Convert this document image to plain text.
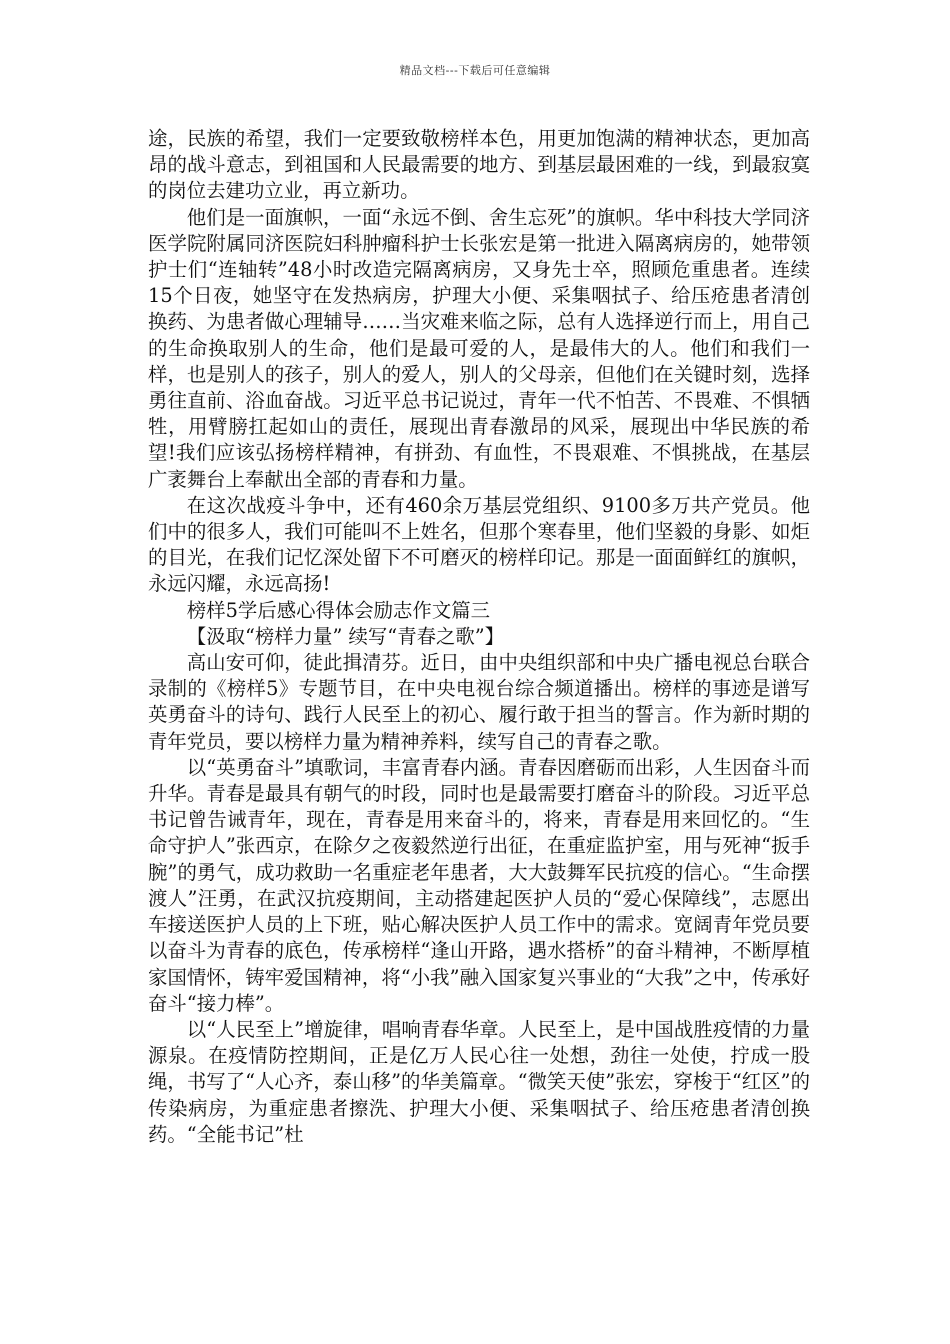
精品文档---下载后可任意编辑

途，民族的希望，我们一定要致敬榜样本色，用更加饱满的精神状态，更加高昂的战斗意志，到祖国和人民最需要的地方、到基层最困难的一线，到最寂寞的岗位去建功立业，再立新功。

他们是一面旗帜，一面“永远不倒、舍生忘死”的旗帜。华中科技大学同济医学院附属同济医院妇科肿瘤科护士长张宏是第一批进入隔离病房的，她带领护士们“连轴转”48小时改造完隔离病房，又身先士卒，照顾危重患者。连续15个日夜，她坚守在发热病房，护理大小便、采集咽拭子、给压疮患者清创换药、为患者做心理辅导……当灾难来临之际，总有人选择逆行而上，用自己的生命换取别人的生命，他们是最可爱的人，是最伟大的人。他们和我们一样，也是别人的孩子，别人的爱人，别人的父母亲，但他们在关键时刻，选择勇往直前、浴血奋战。习近平总书记说过，青年一代不怕苦、不畏难、不惧牺牲，用臂膀扛起如山的责任，展现出青春激昂的风采，展现出中华民族的希望!我们应该弘扬榜样精神，有拼劲、有血性，不畏艰难、不惧挑战，在基层广袤舞台上奉献出全部的青春和力量。

在这次战疫斗争中，还有460余万基层党组织、9100多万共产党员。他们中的很多人，我们可能叫不上姓名，但那个寒春里，他们坚毅的身影、如炬的目光，在我们记忆深处留下不可磨灭的榜样印记。那是一面面鲜红的旗帜，永远闪耀，永远高扬!

榜样5学后感心得体会励志作文篇三

【汲取“榜样力量” 续写“青春之歌”】

高山安可仰，徒此揖清芬。近日，由中央组织部和中央广播电视总台联合录制的《榜样5》专题节目，在中央电视台综合频道播出。榜样的事迹是谱写英勇奋斗的诗句、践行人民至上的初心、履行敢于担当的誓言。作为新时期的青年党员，要以榜样力量为精神养料，续写自己的青春之歌。

以“英勇奋斗”填歌词，丰富青春内涵。青春因磨砺而出彩，人生因奋斗而升华。青春是最具有朝气的时段，同时也是最需要打磨奋斗的阶段。习近平总书记曾告诫青年，现在，青春是用来奋斗的，将来，青春是用来回忆的。“生命守护人”张西京，在除夕之夜毅然逆行出征，在重症监护室，用与死神“扳手腕”的勇气，成功救助一名重症老年患者，大大鼓舞军民抗疫的信心。“生命摆渡人”汪勇，在武汉抗疫期间，主动搭建起医护人员的“爱心保障线”，志愿出车接送医护人员的上下班，贴心解决医护人员工作中的需求。宽阔青年党员要以奋斗为青春的底色，传承榜样“逢山开路，遇水搭桥”的奋斗精神，不断厚植家国情怀，铸牢爱国精神，将“小我”融入国家复兴事业的“大我”之中，传承好奋斗“接力棒”。

以“人民至上”增旋律，唱响青春华章。人民至上，是中国战胜疫情的力量源泉。在疫情防控期间，正是亿万人民心往一处想，劲往一处使，拧成一股绳，书写了“人心齐，泰山移”的华美篇章。“微笑天使”张宏，穿梭于“红区”的传染病房，为重症患者擦洗、护理大小便、采集咽拭子、给压疮患者清创换药。“全能书记”杜
